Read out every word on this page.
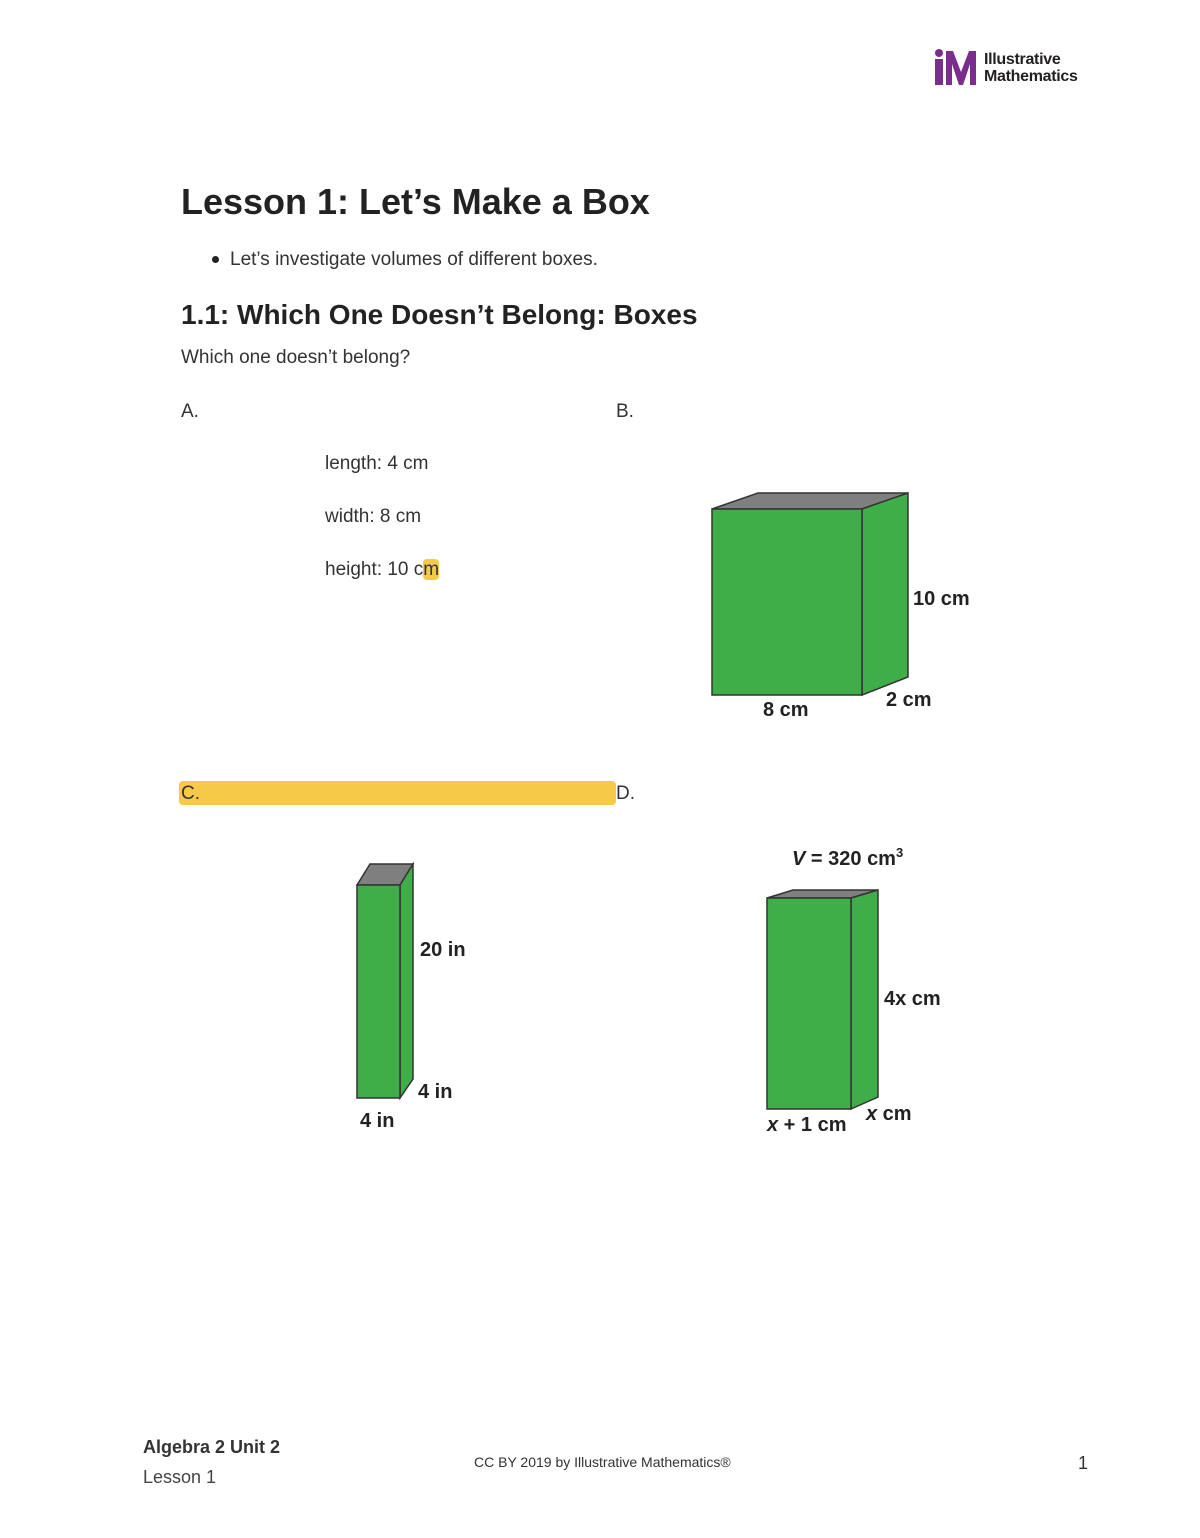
Illustrative
Mathematics
Lesson 1: Let’s Make a Box
Let’s investigate volumes of different boxes.
1.1: Which One Doesn’t Belong: Boxes
Which one doesn’t belong?
A.
length: 4 cm
width: 8 cm
height: 10 cm
B.
10 cm
8 cm	2 cm
C.
20 in
4 in
4 in
D.
V = 320 $cm^3$
4x cm
x cm
x + 1 cm
Algebra 2 Unit 2
Lesson 1
CC BY 2019 by Illustrative Mathematics®	1
